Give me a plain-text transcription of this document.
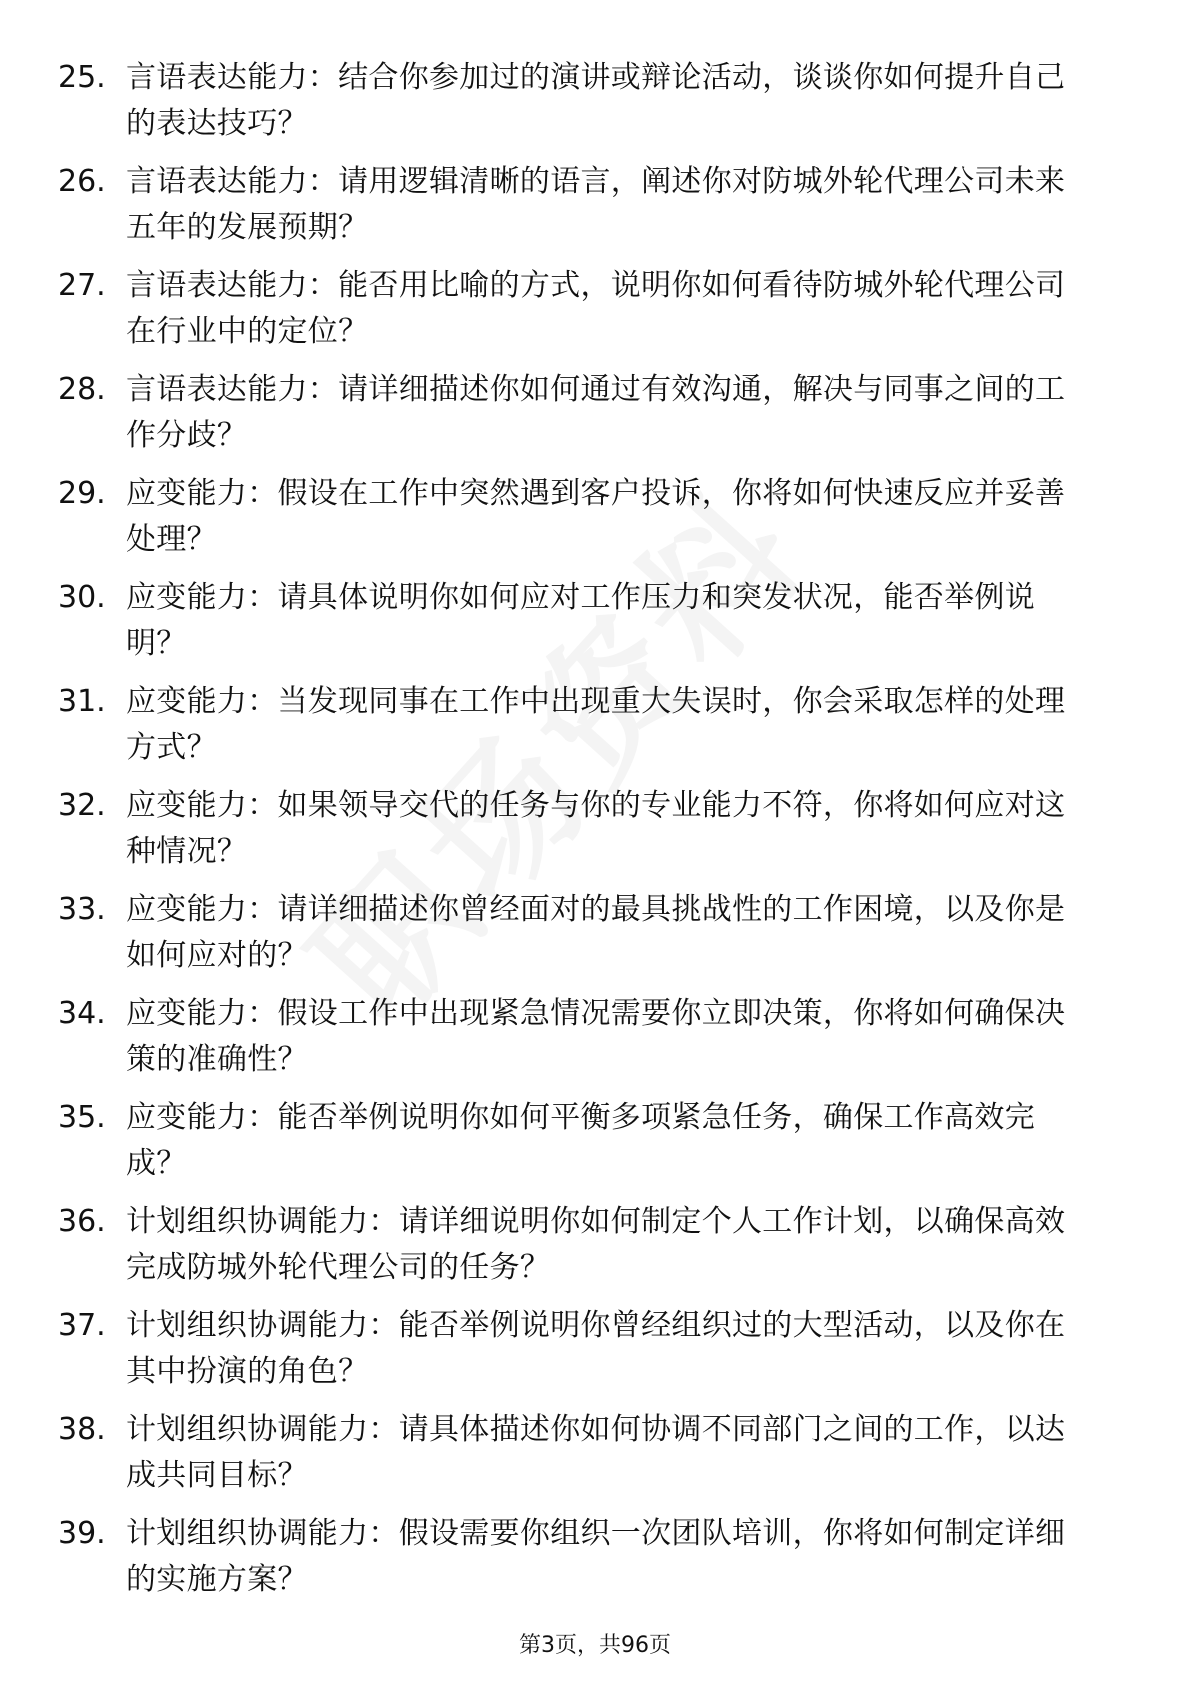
25. 言语表达能力：结合你参加过的演讲或辩论活动，谈谈你如何提升自己的表达技巧？
26. 言语表达能力：请用逻辑清晰的语言，阐述你对防城外轮代理公司未来五年的发展预期？
27. 言语表达能力：能否用比喻的方式，说明你如何看待防城外轮代理公司在行业中的定位？
28. 言语表达能力：请详细描述你如何通过有效沟通，解决与同事之间的工作分歧？
29. 应变能力：假设在工作中突然遇到客户投诉，你将如何快速反应并妥善处理？
30. 应变能力：请具体说明你如何应对工作压力和突发状况，能否举例说明？
31. 应变能力：当发现同事在工作中出现重大失误时，你会采取怎样的处理方式？
32. 应变能力：如果领导交代的任务与你的专业能力不符，你将如何应对这种情况？
33. 应变能力：请详细描述你曾经面对的最具挑战性的工作困境，以及你是如何应对的？
34. 应变能力：假设工作中出现紧急情况需要你立即决策，你将如何确保决策的准确性？
35. 应变能力：能否举例说明你如何平衡多项紧急任务，确保工作高效完成？
36. 计划组织协调能力：请详细说明你如何制定个人工作计划，以确保高效完成防城外轮代理公司的任务？
37. 计划组织协调能力：能否举例说明你曾经组织过的大型活动，以及你在其中扮演的角色？
38. 计划组织协调能力：请具体描述你如何协调不同部门之间的工作，以达成共同目标？
39. 计划组织协调能力：假设需要你组织一次团队培训，你将如何制定详细的实施方案？
第3页，共96页
